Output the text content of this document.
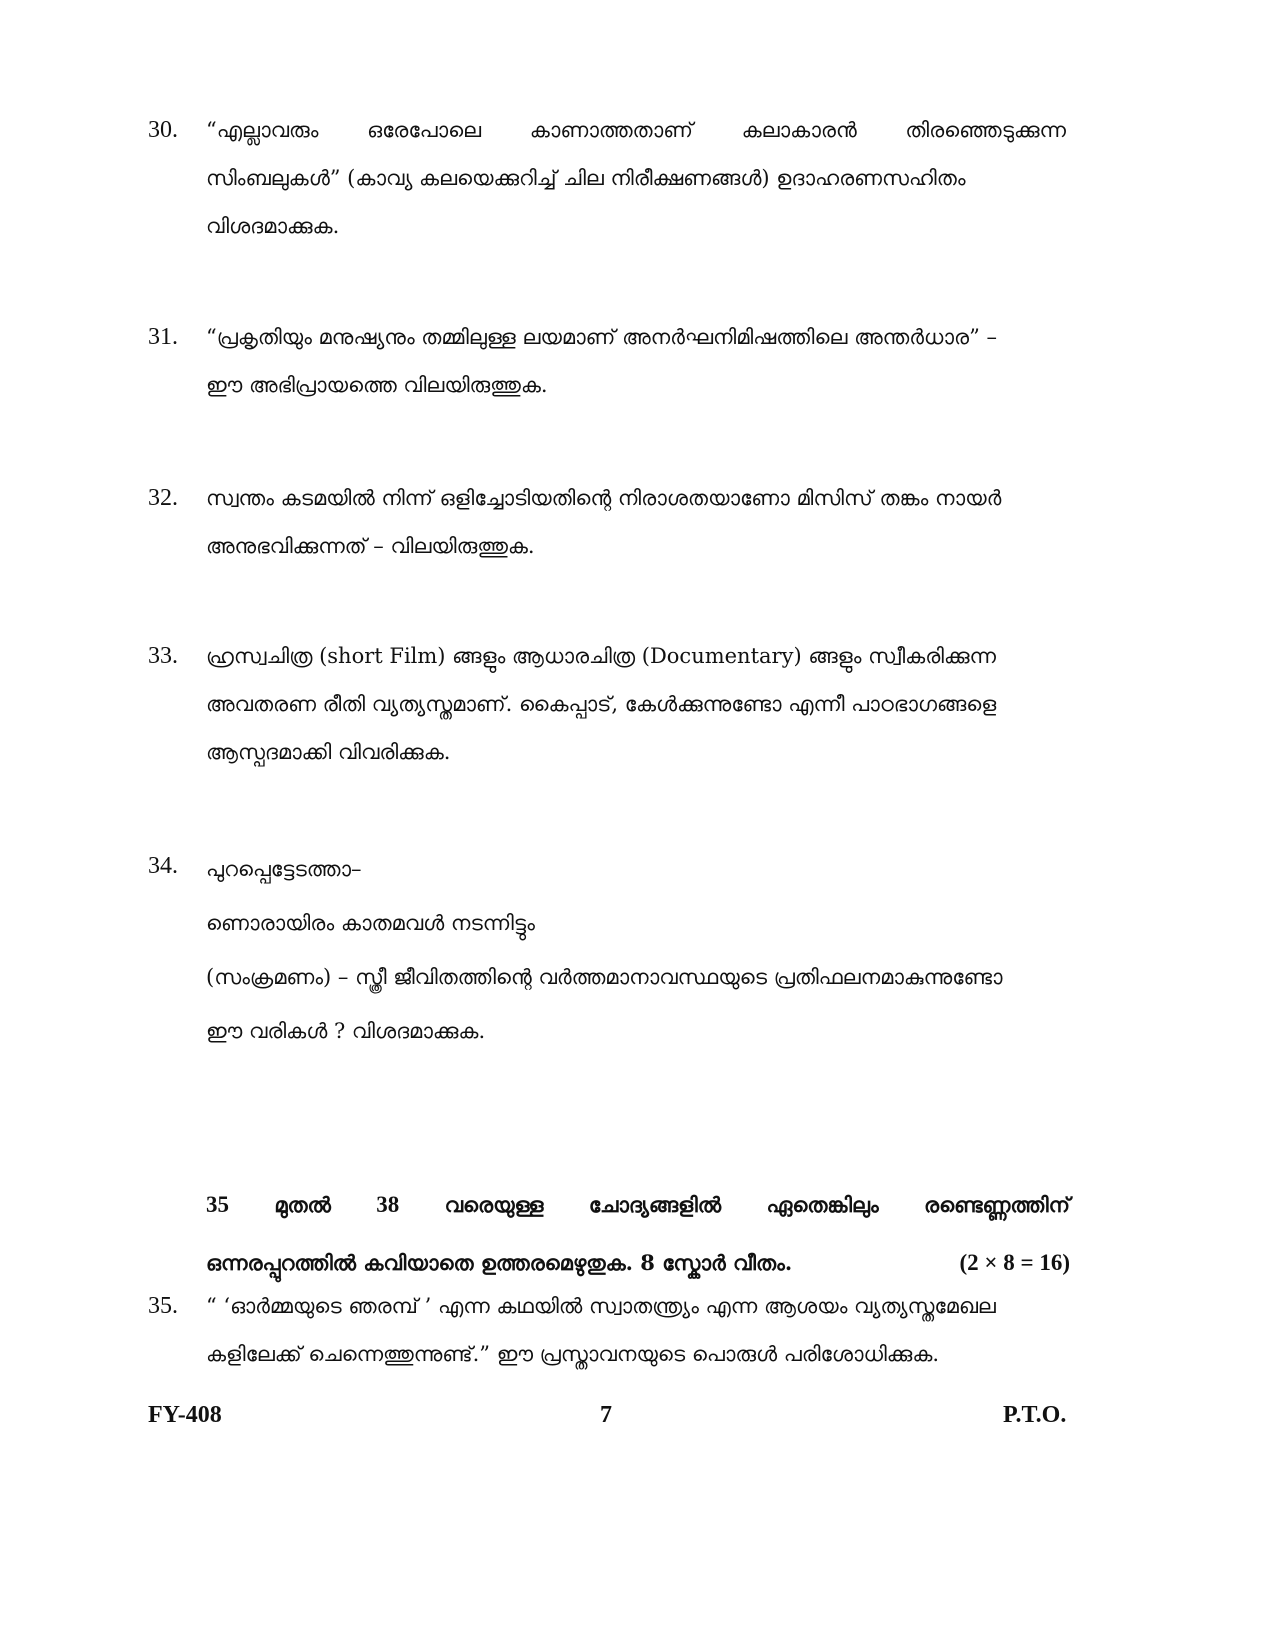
30. “എല്ലാവരും ഒരേപോലെ കാണാത്തതാണ് കലാകാരൻ തിരഞ്ഞെടുക്കുന്ന
സിംബലുകൾ” (കാവ്യ കലയെക്കുറിച്ച് ചില നിരീക്ഷണങ്ങൾ) ഉദാഹരണസഹിതം
വിശദമാക്കുക.
31. “പ്രകൃതിയും മനുഷ്യനും തമ്മിലുള്ള ലയമാണ് അനർഘനിമിഷത്തിലെ അന്തർധാര” –
ഈ അഭിപ്രായത്തെ വിലയിരുത്തുക.
32. സ്വന്തം കടമയിൽ നിന്ന് ഒളിച്ചോടിയതിന്റെ നിരാശതയാണോ മിസിസ് തങ്കം നായർ
അനുഭവിക്കുന്നത് – വിലയിരുത്തുക.
33. ഹ്രസ്വചിത്ര (short Film) ങ്ങളും ആധാരചിത്ര (Documentary) ങ്ങളും സ്വീകരിക്കുന്ന
അവതരണ രീതി വ്യത്യസ്തമാണ്. കൈപ്പാട്, കേൾക്കുന്നുണ്ടോ എന്നീ പാഠഭാഗങ്ങളെ
ആസ്പദമാക്കി വിവരിക്കുക.
34. പുറപ്പെട്ടേടത്താ–
ണൊരായിരം കാതമവൾ നടന്നിട്ടും
(സംക്രമണം) – സ്ത്രീ ജീവിതത്തിന്റെ വർത്തമാനാവസ്ഥയുടെ പ്രതിഫലനമാകുന്നുണ്ടോ
ഈ വരികൾ ? വിശദമാക്കുക.
35 മുതൽ 38 വരെയുള്ള ചോദ്യങ്ങളിൽ ഏതെങ്കിലും രണ്ടെണ്ണത്തിന്
ഒന്നരപ്പുറത്തിൽ കവിയാതെ ഉത്തരമെഴുതുക. 8 സ്കോർ വീതം.	(2 × 8 = 16)
35. “ ‘ഓർമ്മയുടെ ഞരമ്പ് ’ എന്ന കഥയിൽ സ്വാതന്ത്ര്യം എന്ന ആശയം വ്യത്യസ്തമേഖല
കളിലേക്ക് ചെന്നെത്തുന്നുണ്ട്.” ഈ പ്രസ്താവനയുടെ പൊരുൾ പരിശോധിക്കുക.
FY-408	7	P.T.O.
